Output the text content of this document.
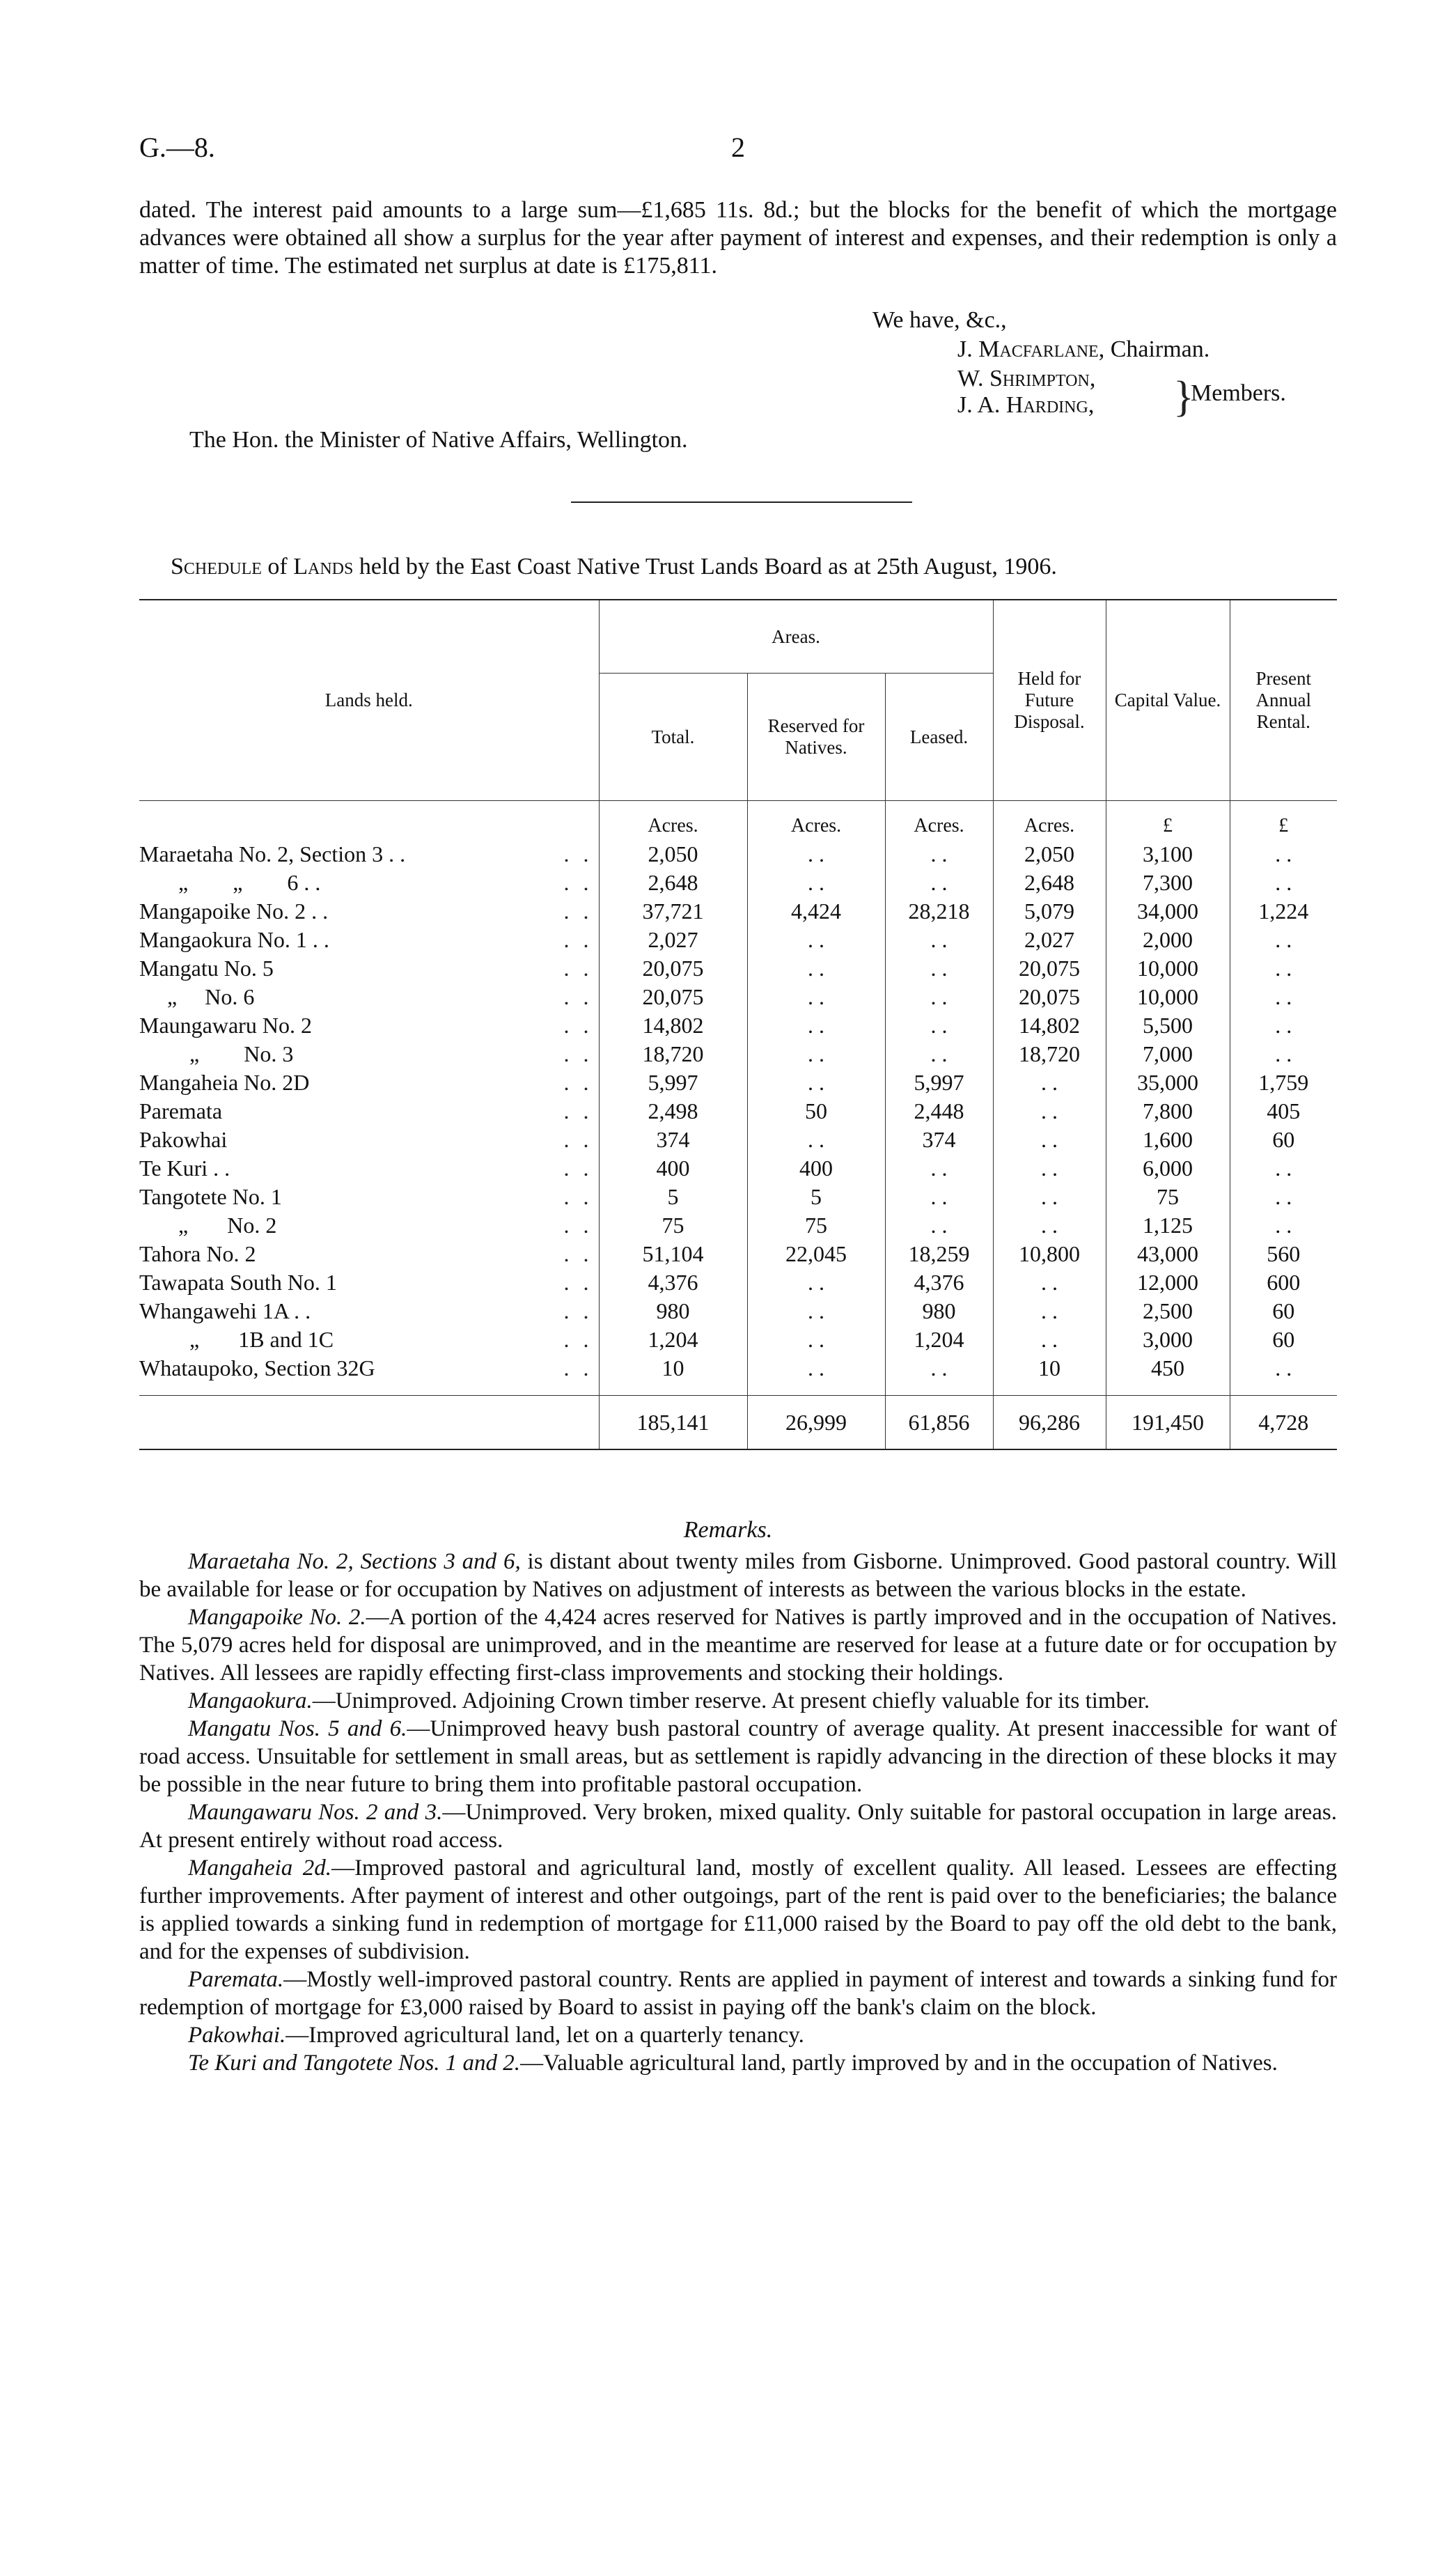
G.—8.	2
dated. The interest paid amounts to a large sum—£1,685 11s. 8d.; but the blocks for the benefit of which the mortgage advances were obtained all show a surplus for the year after payment of interest and expenses, and their redemption is only a matter of time. The estimated net surplus at date is £175,811.
We have, &c.,
J. Macfarlane, Chairman.
W. Shrimpton,
J. A. Harding, }
Members.
The Hon. the Minister of Native Affairs, Wellington.
Schedule of Lands held by the East Coast Native Trust Lands Board as at 25th August, 1906.
Lands held.	Areas.			Held for Future Disposal.	Capital Value.	Present Annual Rental.
	Total.	Reserved for Natives.	Leased.			
	Acres.	Acres.	Acres.	Acres.	£	£

Maraetaha No. 2, Section 3 . . . .	2,050	. .	. .	2,050	3,100	. .

„        „        6 . . . .	2,648	. .	. .	2,648	7,300	. .

Mangapoike No. 2 . . . .	37,721	4,424	28,218	5,079	34,000	1,224

Mangaokura No. 1 . . . .	2,027	. .	. .	2,027	2,000	. .

Mangatu No. 5 . .	20,075	. .	. .	20,075	10,000	. .

„     No. 6 . .	20,075	. .	. .	20,075	10,000	. .

Maungawaru No. 2 . .	14,802	. .	. .	14,802	5,500	. .

„        No. 3 . .	18,720	. .	. .	18,720	7,000	. .

Mangaheia No. 2D . .	5,997	. .	5,997	. .	35,000	1,759

Paremata . .	2,498	50	2,448	. .	7,800	405

Pakowhai . .	374	. .	374	. .	1,600	60

Te Kuri . . . .	400	400	. .	. .	6,000	. .

Tangotete No. 1 . .	5	5	. .	. .	75	. .

„       No. 2 . .	75	75	. .	. .	1,125	. .

Tahora No. 2 . .	51,104	22,045	18,259	10,800	43,000	560

Tawapata South No. 1 . .	4,376	. .	4,376	. .	12,000	600

Whangawehi 1A . . . .	980	. .	980	. .	2,500	60

„       1B and 1C . .	1,204	. .	1,204	. .	3,000	60

Whataupoko, Section 32G . .	10	. .	. .	10	450	. .

	185,141	26,999	61,856	96,286	191,450	4,728
Remarks.

Maraetaha No. 2, Sections 3 and 6, is distant about twenty miles from Gisborne. Unimproved. Good pastoral country. Will be available for lease or for occupation by Natives on adjustment of interests as between the various blocks in the estate.

Mangapoike No. 2.—A portion of the 4,424 acres reserved for Natives is partly improved and in the occupation of Natives. The 5,079 acres held for disposal are unimproved, and in the meantime are reserved for lease at a future date or for occupation by Natives. All lessees are rapidly effecting first-class improvements and stocking their holdings.

Mangaokura.—Unimproved. Adjoining Crown timber reserve. At present chiefly valuable for its timber.

Mangatu Nos. 5 and 6.—Unimproved heavy bush pastoral country of average quality. At present inaccessible for want of road access. Unsuitable for settlement in small areas, but as settlement is rapidly advancing in the direction of these blocks it may be possible in the near future to bring them into profitable pastoral occupation.

Maungawaru Nos. 2 and 3.—Unimproved. Very broken, mixed quality. Only suitable for pastoral occupation in large areas. At present entirely without road access.

Mangaheia 2d.—Improved pastoral and agricultural land, mostly of excellent quality. All leased. Lessees are effecting further improvements. After payment of interest and other outgoings, part of the rent is paid over to the beneficiaries; the balance is applied towards a sinking fund in redemption of mortgage for £11,000 raised by the Board to pay off the old debt to the bank, and for the expenses of subdivision.

Paremata.—Mostly well-improved pastoral country. Rents are applied in payment of interest and towards a sinking fund for redemption of mortgage for £3,000 raised by Board to assist in paying off the bank's claim on the block.

Pakowhai.—Improved agricultural land, let on a quarterly tenancy.

Te Kuri and Tangotete Nos. 1 and 2.—Valuable agricultural land, partly improved by and in the occupation of Natives.
